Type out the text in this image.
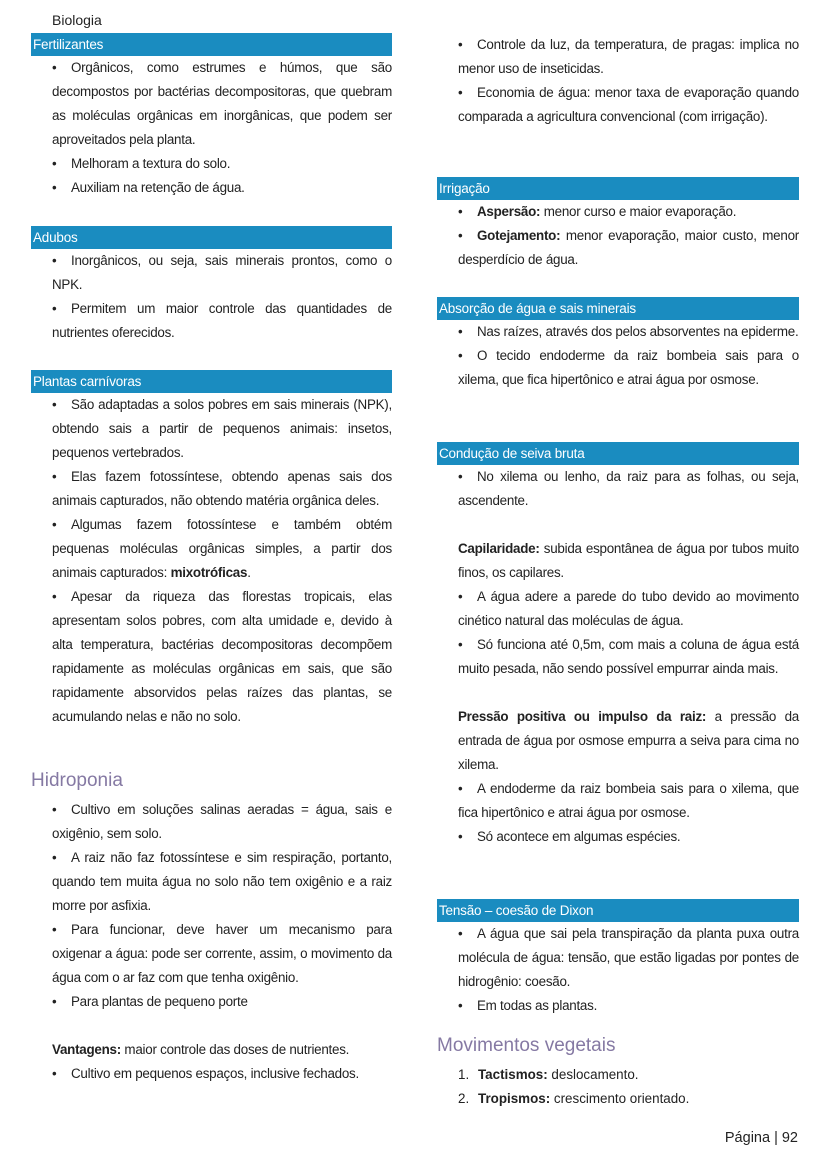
Biologia
Fertilizantes

• Orgânicos, como estrumes e húmos, que são decompostos por bactérias decompositoras, que quebram as moléculas orgânicas em inorgânicas, que podem ser aproveitados pela planta.

• Melhoram a textura do solo.

• Auxiliam na retenção de água.

Adubos

• Inorgânicos, ou seja, sais minerais prontos, como o NPK.

• Permitem um maior controle das quantidades de nutrientes oferecidos.

Plantas carnívoras

• São adaptadas a solos pobres em sais minerais (NPK), obtendo sais a partir de pequenos animais: insetos, pequenos vertebrados.

• Elas fazem fotossíntese, obtendo apenas sais dos animais capturados, não obtendo matéria orgânica deles.

• Algumas fazem fotossíntese e também obtém pequenas moléculas orgânicas simples, a partir dos animais capturados: mixotróficas.

• Apesar da riqueza das florestas tropicais, elas apresentam solos pobres, com alta umidade e, devido à alta temperatura, bactérias decompositoras decompõem rapidamente as moléculas orgânicas em sais, que são rapidamente absorvidos pelas raízes das plantas, se acumulando nelas e não no solo.

Hidroponia

• Cultivo em soluções salinas aeradas = água, sais e oxigênio, sem solo.

• A raiz não faz fotossíntese e sim respiração, portanto, quando tem muita água no solo não tem oxigênio e a raiz morre por asfixia.

• Para funcionar, deve haver um mecanismo para oxigenar a água: pode ser corrente, assim, o movimento da água com o ar faz com que tenha oxigênio.

• Para plantas de pequeno porte

Vantagens: maior controle das doses de nutrientes.

• Cultivo em pequenos espaços, inclusive fechados.

• Controle da luz, da temperatura, de pragas: implica no menor uso de inseticidas.

• Economia de água: menor taxa de evaporação quando comparada a agricultura convencional (com irrigação).

Irrigação

• Aspersão: menor curso e maior evaporação.

• Gotejamento: menor evaporação, maior custo, menor desperdício de água.

Absorção de água e sais minerais

• Nas raízes, através dos pelos absorventes na epiderme.

• O tecido endoderme da raiz bombeia sais para o xilema, que fica hipertônico e atrai água por osmose.

Condução de seiva bruta

• No xilema ou lenho, da raiz para as folhas, ou seja, ascendente.

Capilaridade: subida espontânea de água por tubos muito finos, os capilares.

• A água adere a parede do tubo devido ao movimento cinético natural das moléculas de água.

• Só funciona até 0,5m, com mais a coluna de água está muito pesada, não sendo possível empurrar ainda mais.

Pressão positiva ou impulso da raiz: a pressão da entrada de água por osmose empurra a seiva para cima no xilema.

• A endoderme da raiz bombeia sais para o xilema, que fica hipertônico e atrai água por osmose.

• Só acontece em algumas espécies.

Tensão – coesão de Dixon

• A água que sai pela transpiração da planta puxa outra molécula de água: tensão, que estão ligadas por pontes de hidrogênio: coesão.

• Em todas as plantas.

Movimentos vegetais
1. Tactismos: deslocamento.
2. Tropismos: crescimento orientado.
Página | 92
